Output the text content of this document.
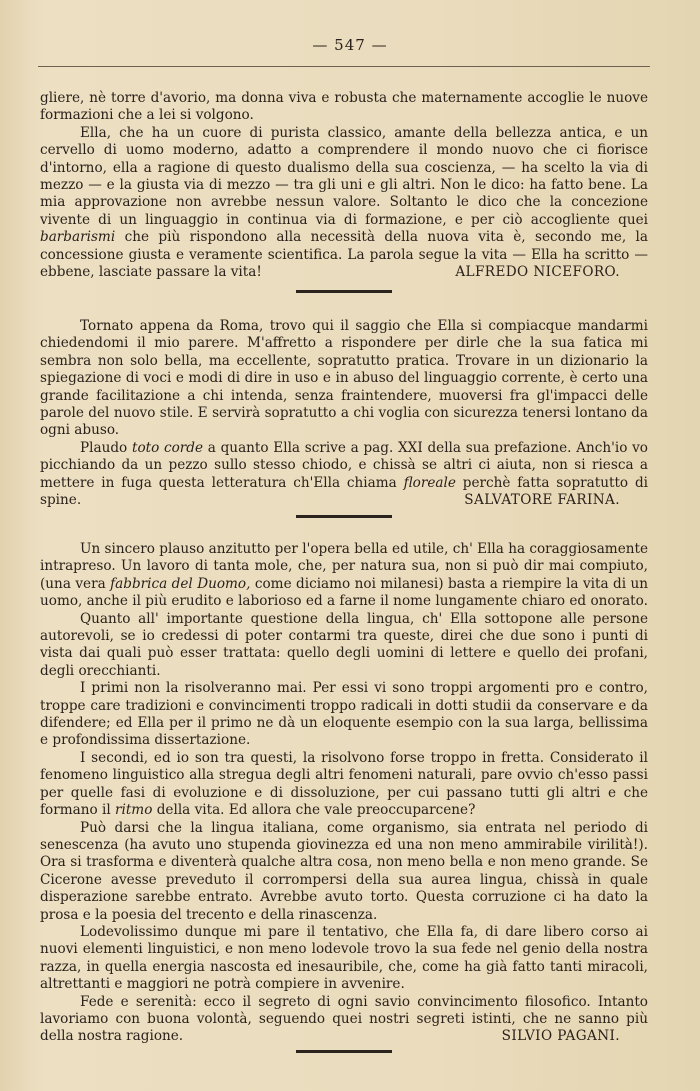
— 547 —

gliere, nè torre d'avorio, ma donna viva e robusta che maternamente accoglie le nuove formazioni che a lei si volgono.

Ella, che ha un cuore di purista classico, amante della bellezza antica, e un cervello di uomo moderno, adatto a comprendere il mondo nuovo che ci fiorisce d'intorno, ella a ragione di questo dualismo della sua coscienza, — ha scelto la via di mezzo — e la giusta via di mezzo — tra gli uni e gli altri. Non le dico: ha fatto bene. La mia approvazione non avrebbe nessun valore. Soltanto le dico che la concezione vivente di un linguaggio in continua via di formazione, e per ciò accogliente quei barbarismi che più rispondono alla necessità della nuova vita è, secondo me, la concessione giusta e veramente scientifica. La parola segue la vita — Ella ha scritto — ebbene, lasciate passare la vita!	ALFREDO NICEFORO.

Tornato appena da Roma, trovo qui il saggio che Ella si compiacque mandarmi chiedendomi il mio parere. M'affretto a rispondere per dirle che la sua fatica mi sembra non solo bella, ma eccellente, sopratutto pratica. Trovare in un dizionario la spiegazione di voci e modi di dire in uso e in abuso del linguaggio corrente, è certo una grande facilitazione a chi intenda, senza fraintendere, muoversi fra gl'impacci delle parole del nuovo stile. E servirà sopratutto a chi voglia con sicurezza tenersi lontano da ogni abuso.

Plaudo toto corde a quanto Ella scrive a pag. XXI della sua prefazione. Anch'io vo picchiando da un pezzo sullo stesso chiodo, e chissà se altri ci aiuta, non si riesca a mettere in fuga questa letteratura ch'Ella chiama floreale perchè fatta sopratutto di spine.	SALVATORE FARINA.

Un sincero plauso anzitutto per l'opera bella ed utile, ch' Ella ha coraggiosamente intrapreso. Un lavoro di tanta mole, che, per natura sua, non si può dir mai compiuto, (una vera fabbrica del Duomo, come diciamo noi milanesi) basta a riempire la vita di un uomo, anche il più erudito e laborioso ed a farne il nome lungamente chiaro ed onorato.

Quanto all' importante questione della lingua, ch' Ella sottopone alle persone autorevoli, se io credessi di poter contarmi tra queste, direi che due sono i punti di vista dai quali può esser trattata: quello degli uomini di lettere e quello dei profani, degli orecchianti.

I primi non la risolveranno mai. Per essi vi sono troppi argomenti pro e contro, troppe care tradizioni e convincimenti troppo radicali in dotti studii da conservare e da difendere; ed Ella per il primo ne dà un eloquente esempio con la sua larga, bellissima e profondissima dissertazione.

I secondi, ed io son tra questi, la risolvono forse troppo in fretta. Considerato il fenomeno linguistico alla stregua degli altri fenomeni naturali, pare ovvio ch'esso passi per quelle fasi di evoluzione e di dissoluzione, per cui passano tutti gli altri e che formano il ritmo della vita. Ed allora che vale preoccuparcene?

Può darsi che la lingua italiana, come organismo, sia entrata nel periodo di senescenza (ha avuto uno stupenda giovinezza ed una non meno ammirabile virilità!). Ora si trasforma e diventerà qualche altra cosa, non meno bella e non meno grande. Se Cicerone avesse preveduto il corrompersi della sua aurea lingua, chissà in quale disperazione sarebbe entrato. Avrebbe avuto torto. Questa corruzione ci ha dato la prosa e la poesia del trecento e della rinascenza.

Lodevolissimo dunque mi pare il tentativo, che Ella fa, di dare libero corso ai nuovi elementi linguistici, e non meno lodevole trovo la sua fede nel genio della nostra razza, in quella energia nascosta ed inesauribile, che, come ha già fatto tanti miracoli, altrettanti e maggiori ne potrà compiere in avvenire.

Fede e serenità: ecco il segreto di ogni savio convincimento filosofico. Intanto lavoriamo con buona volontà, seguendo quei nostri segreti istinti, che ne sanno più della nostra ragione.	SILVIO PAGANI.
